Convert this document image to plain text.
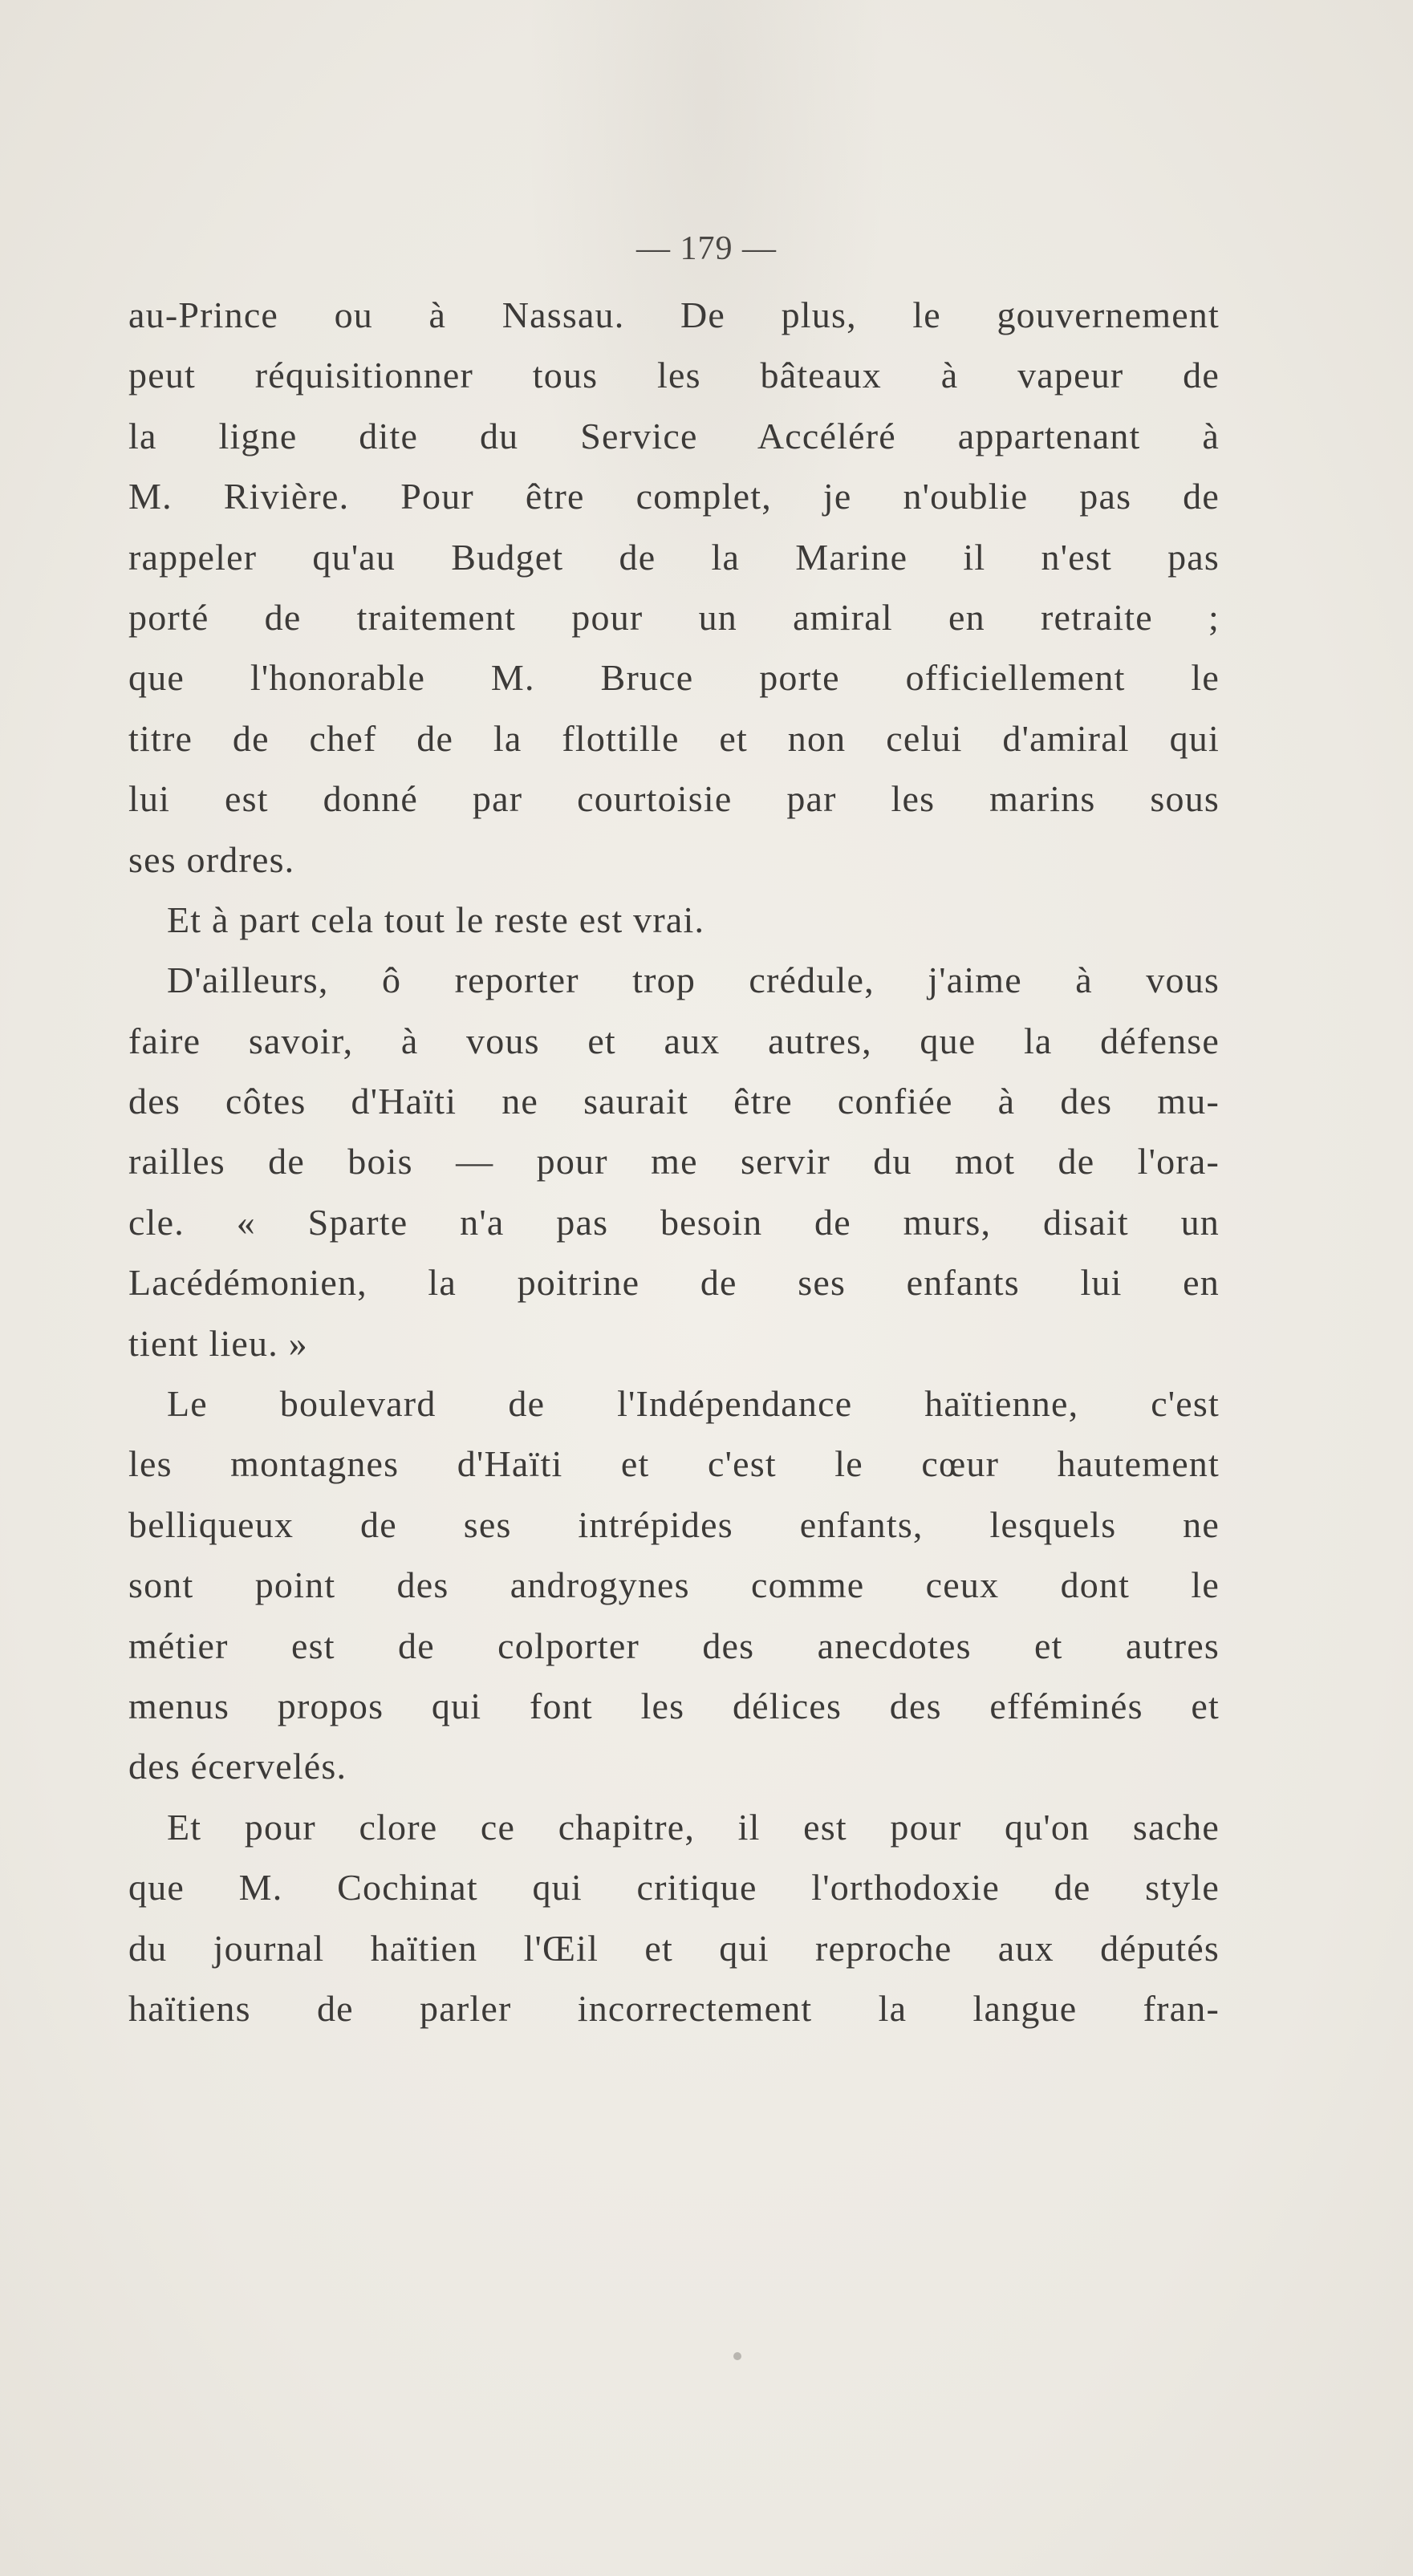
— 179 —
au-Prince ou à Nassau. De plus, le gouvernement
peut réquisitionner tous les bâteaux à vapeur de
la ligne dite du Service Accéléré appartenant à
M. Rivière. Pour être complet, je n'oublie pas de
rappeler qu'au Budget de la Marine il n'est pas
porté de traitement pour un amiral en retraite ;
que l'honorable M. Bruce porte officiellement le
titre de chef de la flottille et non celui d'amiral qui
lui est donné par courtoisie par les marins sous
ses ordres.
Et à part cela tout le reste est vrai.
D'ailleurs, ô reporter trop crédule, j'aime à vous
faire savoir, à vous et aux autres, que la défense
des côtes d'Haïti ne saurait être confiée à des mu-
railles de bois — pour me servir du mot de l'ora-
cle. « Sparte n'a pas besoin de murs, disait un
Lacédémonien, la poitrine de ses enfants lui en
tient lieu. »
Le boulevard de l'Indépendance haïtienne, c'est
les montagnes d'Haïti et c'est le cœur hautement
belliqueux de ses intrépides enfants, lesquels ne
sont point des androgynes comme ceux dont le
métier est de colporter des anecdotes et autres
menus propos qui font les délices des efféminés et
des écervelés.
Et pour clore ce chapitre, il est pour qu'on sache
que M. Cochinat qui critique l'orthodoxie de style
du journal haïtien l'Œil et qui reproche aux députés
haïtiens de parler incorrectement la langue fran-
